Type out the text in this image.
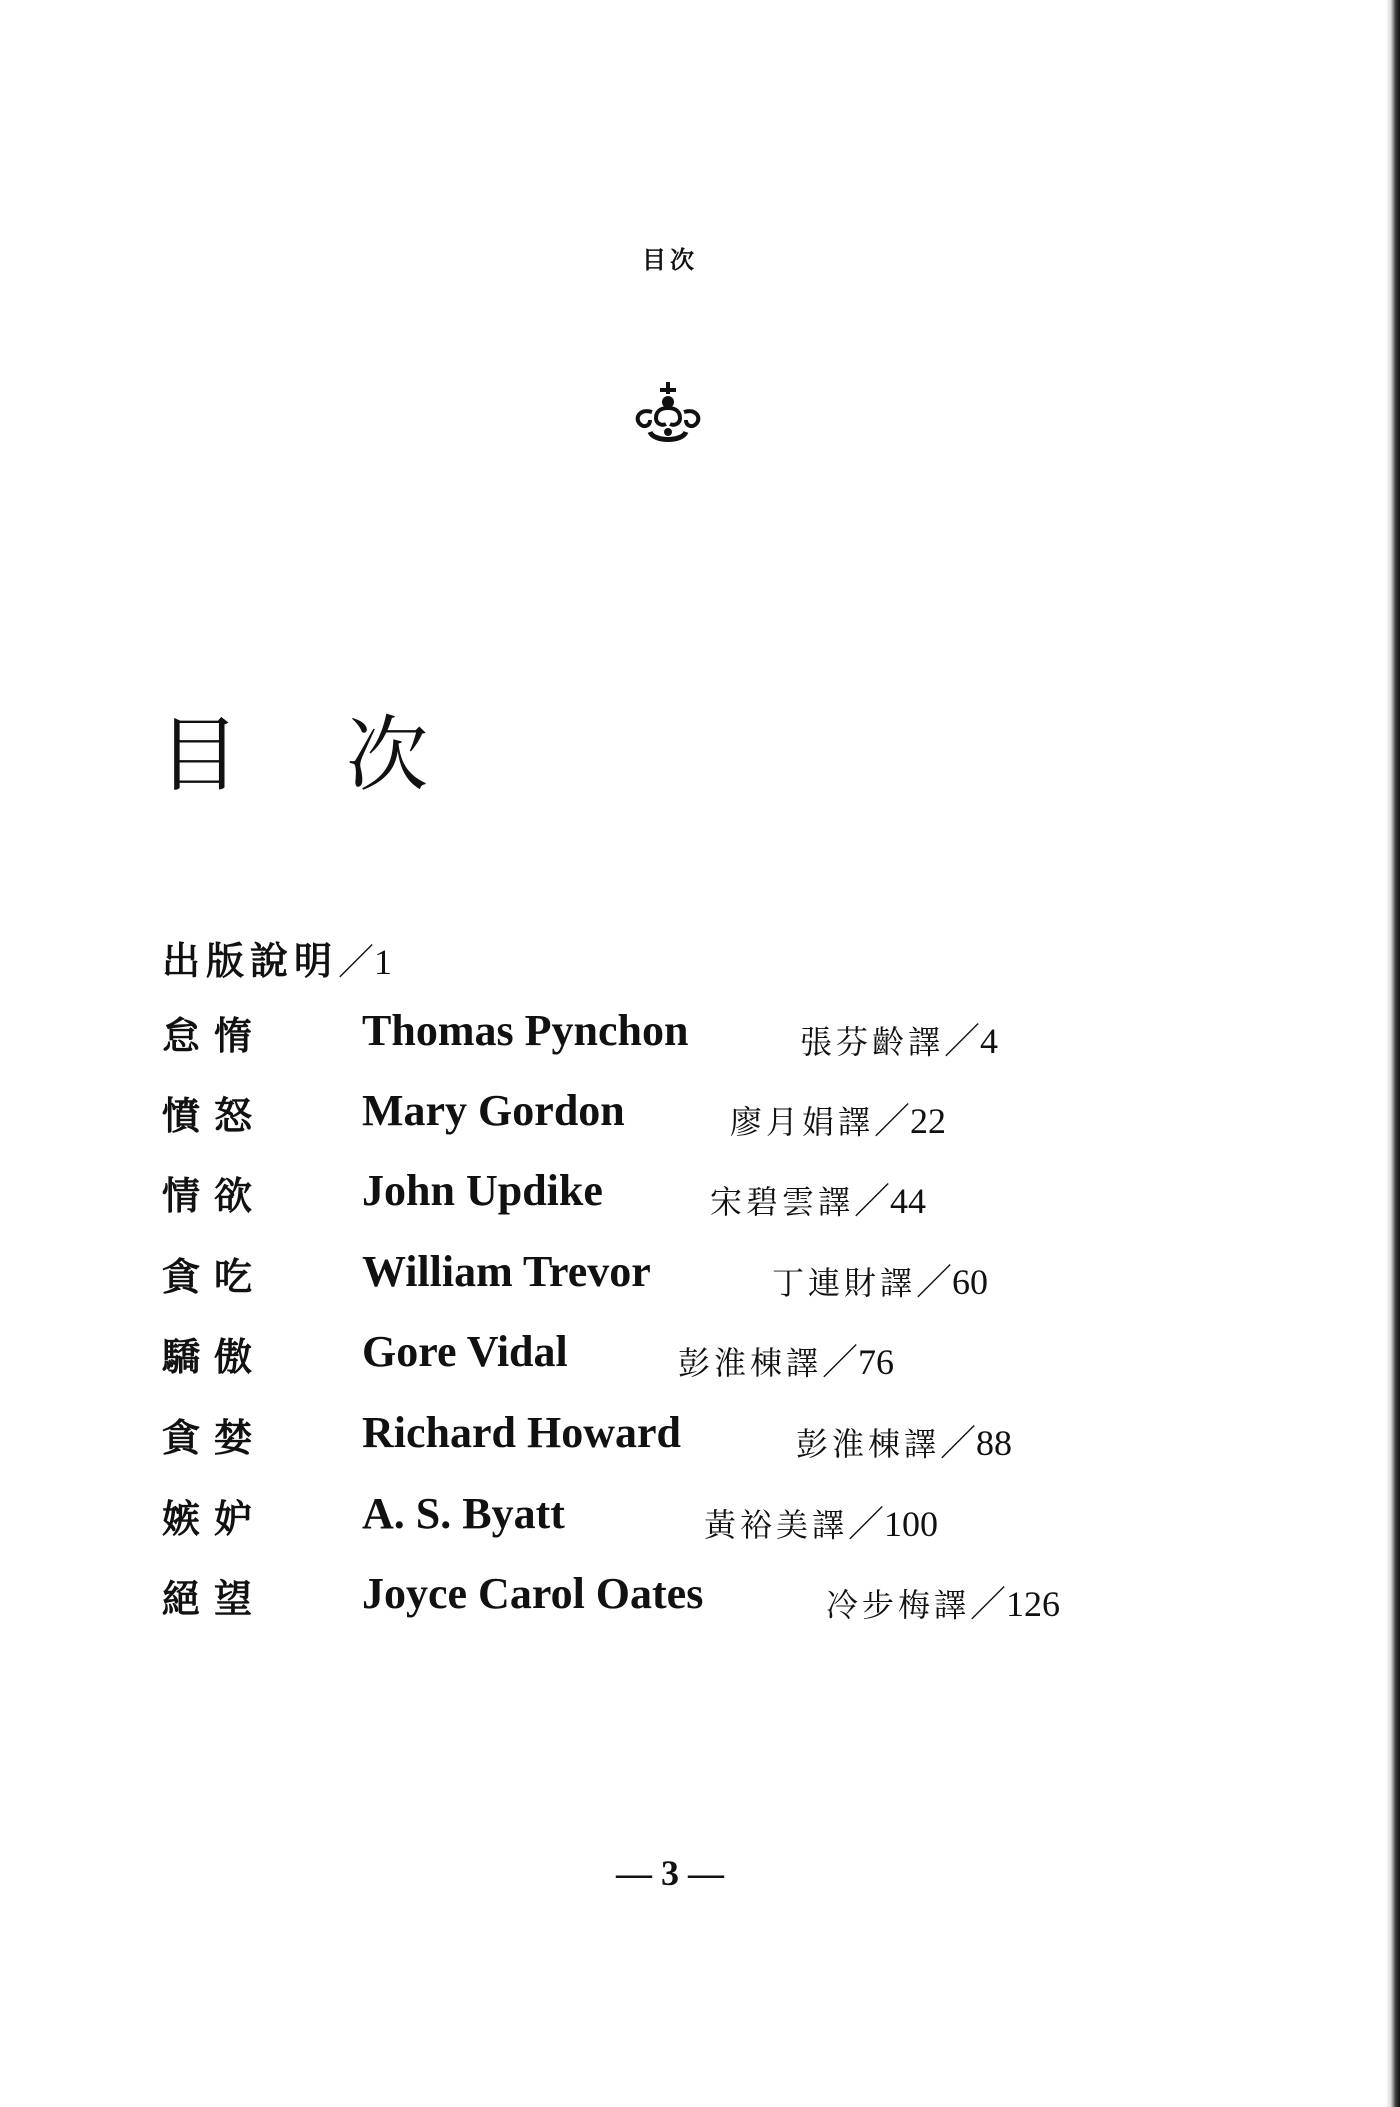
目次
目 次
出版說明／1
怠惰 Thomas Pynchon	張芬齡譯／4
憤怒 Mary Gordon	廖月娟譯／22
情欲 John Updike	宋碧雲譯／44
貪吃 William Trevor	丁連財譯／60
驕傲 Gore Vidal	彭淮棟譯／76
貪婪 Richard Howard	彭淮棟譯／88
嫉妒 A. S. Byatt	黃裕美譯／100
絕望 Joyce Carol Oates	冷步梅譯／126
— 3 —
